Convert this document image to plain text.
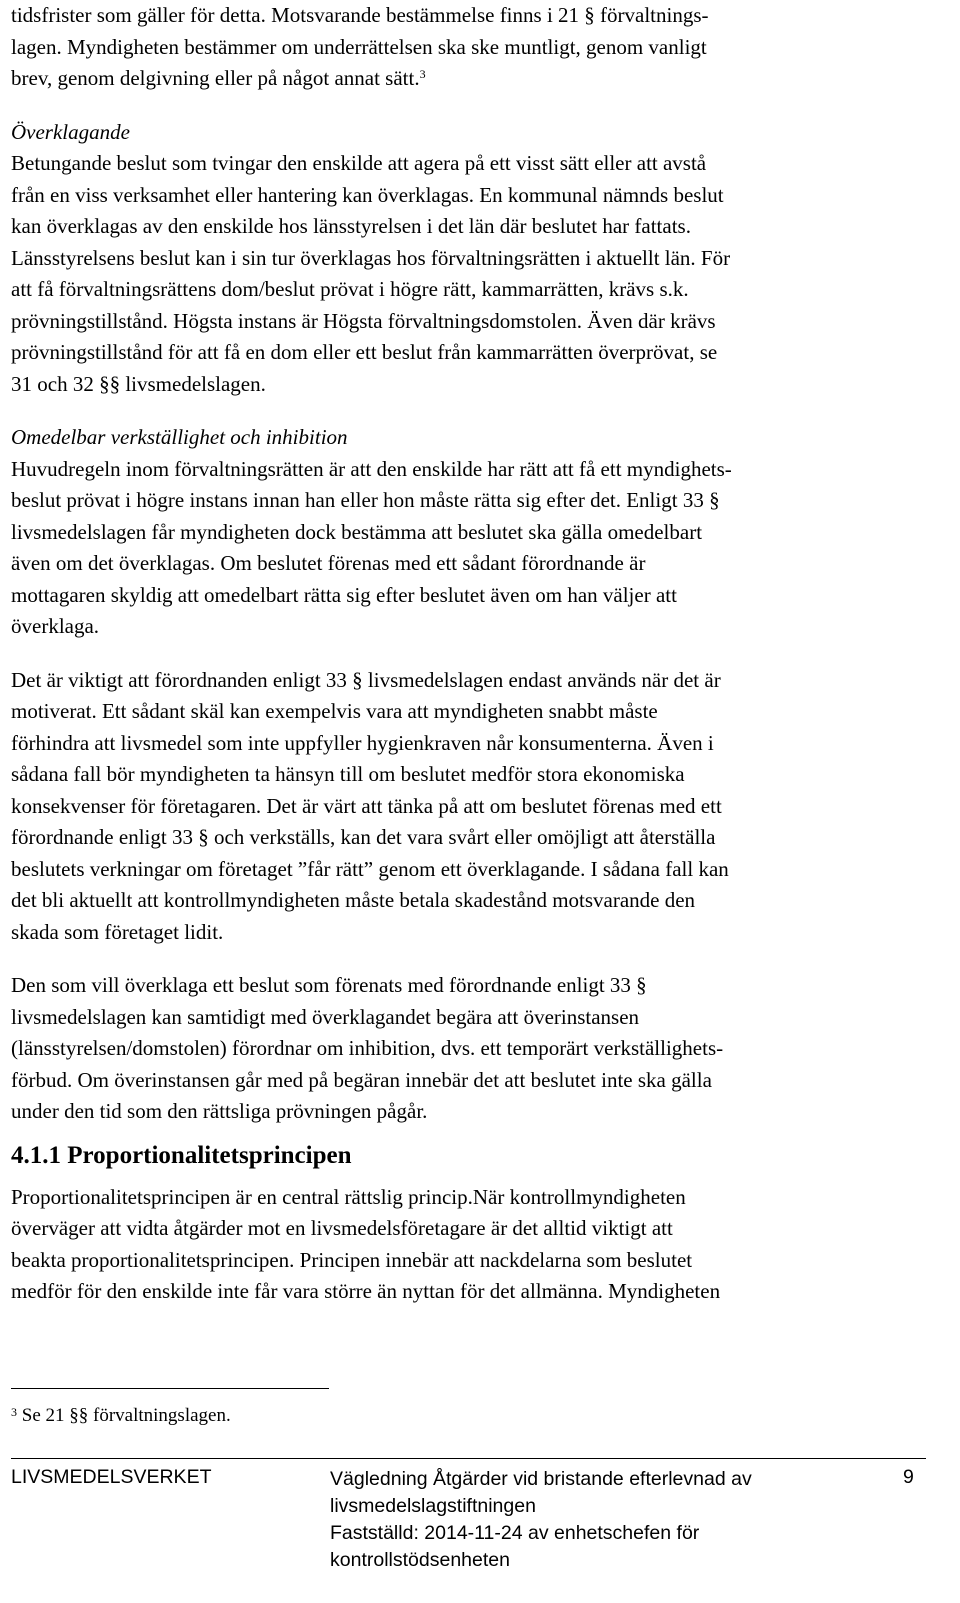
tidsfrister som gäller för detta. Motsvarande bestämmelse finns i 21 § förvaltnings-
lagen. Myndigheten bestämmer om underrättelsen ska ske muntligt, genom vanligt
brev, genom delgivning eller på något annat sätt.$^3$
Överklagande
Betungande beslut som tvingar den enskilde att agera på ett visst sätt eller att avstå
från en viss verksamhet eller hantering kan överklagas. En kommunal nämnds beslut
kan överklagas av den enskilde hos länsstyrelsen i det län där beslutet har fattats.
Länsstyrelsens beslut kan i sin tur överklagas hos förvaltningsrätten i aktuellt län. För
att få förvaltningsrättens dom/beslut prövat i högre rätt, kammarrätten, krävs s.k.
prövningstillstånd. Högsta instans är Högsta förvaltningsdomstolen. Även där krävs
prövningstillstånd för att få en dom eller ett beslut från kammarrätten överprövat, se
31 och 32 §§ livsmedelslagen.
Omedelbar verkställighet och inhibition
Huvudregeln inom förvaltningsrätten är att den enskilde har rätt att få ett myndighets-
beslut prövat i högre instans innan han eller hon måste rätta sig efter det. Enligt 33 §
livsmedelslagen får myndigheten dock bestämma att beslutet ska gälla omedelbart
även om det överklagas. Om beslutet förenas med ett sådant förordnande är
mottagaren skyldig att omedelbart rätta sig efter beslutet även om han väljer att
överklaga.
Det är viktigt att förordnanden enligt 33 § livsmedelslagen endast används när det är
motiverat. Ett sådant skäl kan exempelvis vara att myndigheten snabbt måste
förhindra att livsmedel som inte uppfyller hygienkraven når konsumenterna. Även i
sådana fall bör myndigheten ta hänsyn till om beslutet medför stora ekonomiska
konsekvenser för företagaren. Det är värt att tänka på att om beslutet förenas med ett
förordnande enligt 33 § och verkställs, kan det vara svårt eller omöjligt att återställa
beslutets verkningar om företaget ”får rätt” genom ett överklagande. I sådana fall kan
det bli aktuellt att kontrollmyndigheten måste betala skadestånd motsvarande den
skada som företaget lidit.
Den som vill överklaga ett beslut som förenats med förordnande enligt 33 §
livsmedelslagen kan samtidigt med överklagandet begära att överinstansen
(länsstyrelsen/domstolen) förordnar om inhibition, dvs. ett temporärt verkställighets-
förbud. Om överinstansen går med på begäran innebär det att beslutet inte ska gälla
under den tid som den rättsliga prövningen pågår.
4.1.1 Proportionalitetsprincipen
Proportionalitetsprincipen är en central rättslig princip.När kontrollmyndigheten
överväger att vidta åtgärder mot en livsmedelsföretagare är det alltid viktigt att
beakta proportionalitetsprincipen. Principen innebär att nackdelarna som beslutet
medför för den enskilde inte får vara större än nyttan för det allmänna. Myndigheten
$^3$ Se 21 §§ förvaltningslagen.
LIVSMEDELSVERKET	Vägledning Åtgärder vid bristande efterlevnad av
livsmedelslagstiftningen
Fastställd: 2014-11-24 av enhetschefen för
kontrollstödsenheten
9
